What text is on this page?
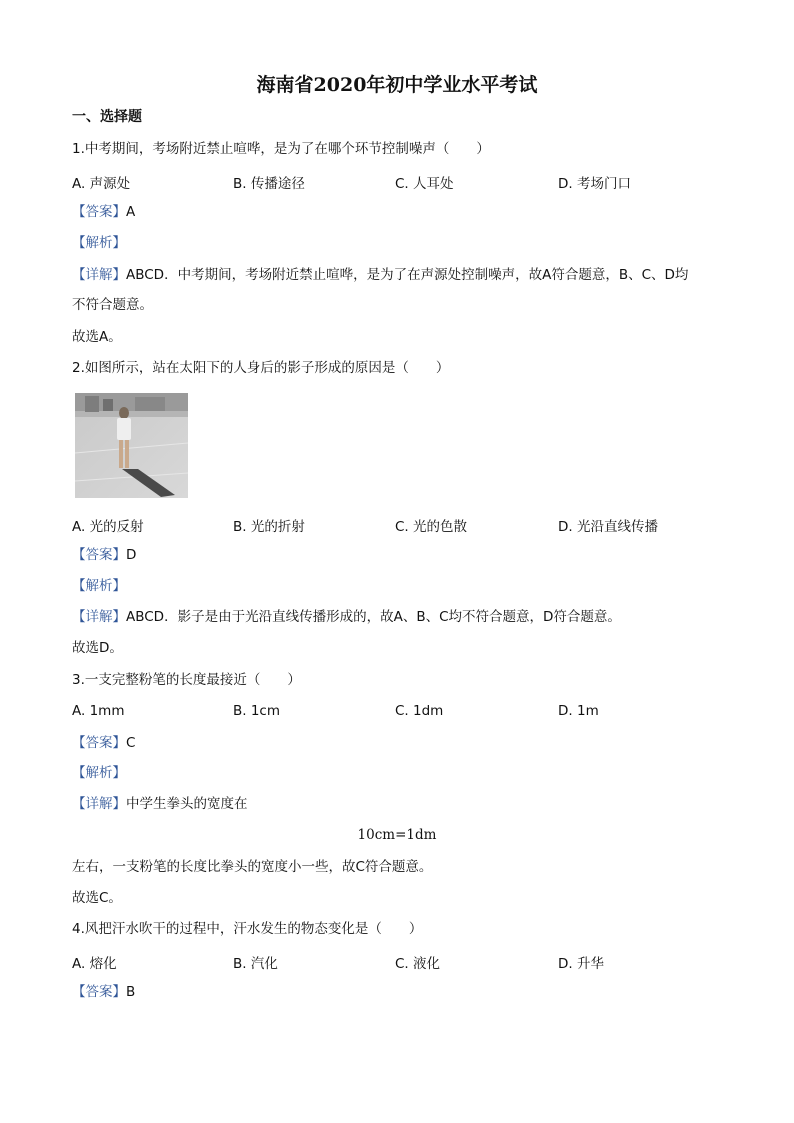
海南省2020年初中学业水平考试
一、选择题
1.中考期间，考场附近禁止喧哗，是为了在哪个环节控制噪声（　　）
A. 声源处	B. 传播途径	C. 人耳处	D. 考场门口
【答案】A
【解析】
【详解】ABCD．中考期间，考场附近禁止喧哗，是为了在声源处控制噪声，故A符合题意，B、C、D均
不符合题意。
故选A。
2.如图所示，站在太阳下的人身后的影子形成的原因是（　　）
A. 光的反射	B. 光的折射	C. 光的色散	D. 光沿直线传播
【答案】D
【解析】
【详解】ABCD．影子是由于光沿直线传播形成的，故A、B、C均不符合题意，D符合题意。
故选D。
3.一支完整粉笔的长度最接近（　　）
A. 1mm	B. 1cm	C. 1dm	D. 1m
【答案】C
【解析】
【详解】中学生拳头的宽度在
10cm=1dm
左右，一支粉笔的长度比拳头的宽度小一些，故C符合题意。
故选C。
4.风把汗水吹干的过程中，汗水发生的物态变化是（　　）
A. 熔化	B. 汽化	C. 液化	D. 升华
【答案】B
